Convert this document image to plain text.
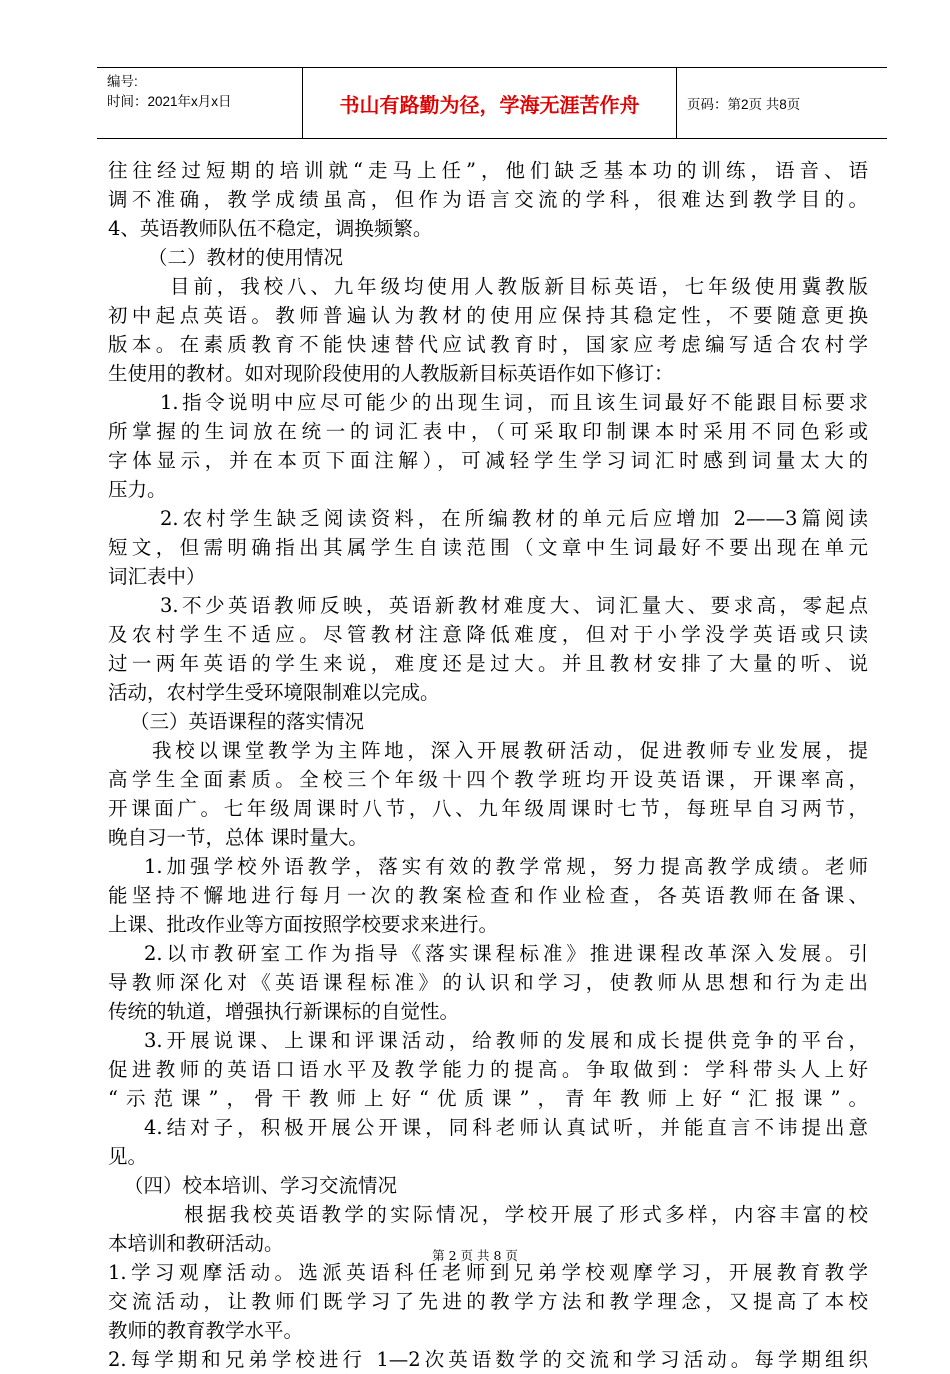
编号:
时间：2021年x月x日	书山有路勤为径，学海无涯苦作舟	页码：第2页 共8页
往往经过短期的培训就“走马上任”，他们缺乏基本功的训练，语音、语
调不准确，教学成绩虽高，但作为语言交流的学科，很难达到教学目的。
4、英语教师队伍不稳定，调换频繁。
（二）教材的使用情况
目前，我校八、九年级均使用人教版新目标英语，七年级使用冀教版
初中起点英语。教师普遍认为教材的使用应保持其稳定性，不要随意更换
版本。在素质教育不能快速替代应试教育时，国家应考虑编写适合农村学
生使用的教材。如对现阶段使用的人教版新目标英语作如下修订：
1.指令说明中应尽可能少的出现生词，而且该生词最好不能跟目标要求
所掌握的生词放在统一的词汇表中，（可采取印制课本时采用不同色彩或
字体显示，并在本页下面注解），可减轻学生学习词汇时感到词量太大的
压力。
2.农村学生缺乏阅读资料，在所编教材的单元后应增加 2——3篇阅读
短文，但需明确指出其属学生自读范围（文章中生词最好不要出现在单元
词汇表中）
3.不少英语教师反映，英语新教材难度大、词汇量大、要求高，零起点
及农村学生不适应。尽管教材注意降低难度，但对于小学没学英语或只读
过一两年英语的学生来说，难度还是过大。并且教材安排了大量的听、说
活动，农村学生受环境限制难以完成。
（三）英语课程的落实情况
我校以课堂教学为主阵地，深入开展教研活动，促进教师专业发展，提
高学生全面素质。全校三个年级十四个教学班均开设英语课，开课率高，
开课面广。七年级周课时八节，八、九年级周课时七节，每班早自习两节，
晚自习一节，总体 课时量大。
1.加强学校外语教学，落实有效的教学常规，努力提高教学成绩。老师
能坚持不懈地进行每月一次的教案检查和作业检查，各英语教师在备课、
上课、批改作业等方面按照学校要求来进行。
2.以市教研室工作为指导《落实课程标准》推进课程改革深入发展。引
导教师深化对《英语课程标准》的认识和学习，使教师从思想和行为走出
传统的轨道，增强执行新课标的自觉性。
3.开展说课、上课和评课活动，给教师的发展和成长提供竞争的平台，
促进教师的英语口语水平及教学能力的提高。争取做到：学科带头人上好
“示范课”，骨干教师上好“优质课”，青年教师上好“汇报课”。
4.结对子，积极开展公开课，同科老师认真试听，并能直言不讳提出意
见。
（四）校本培训、学习交流情况
根据我校英语教学的实际情况，学校开展了形式多样，内容丰富的校
本培训和教研活动。
1.学习观摩活动。选派英语科任老师到兄弟学校观摩学习，开展教育教学
交流活动，让教师们既学习了先进的教学方法和教学理念，又提高了本校
教师的教育教学水平。
2.每学期和兄弟学校进行 1—2次英语数学的交流和学习活动。每学期组织
第 2 页 共 8 页
